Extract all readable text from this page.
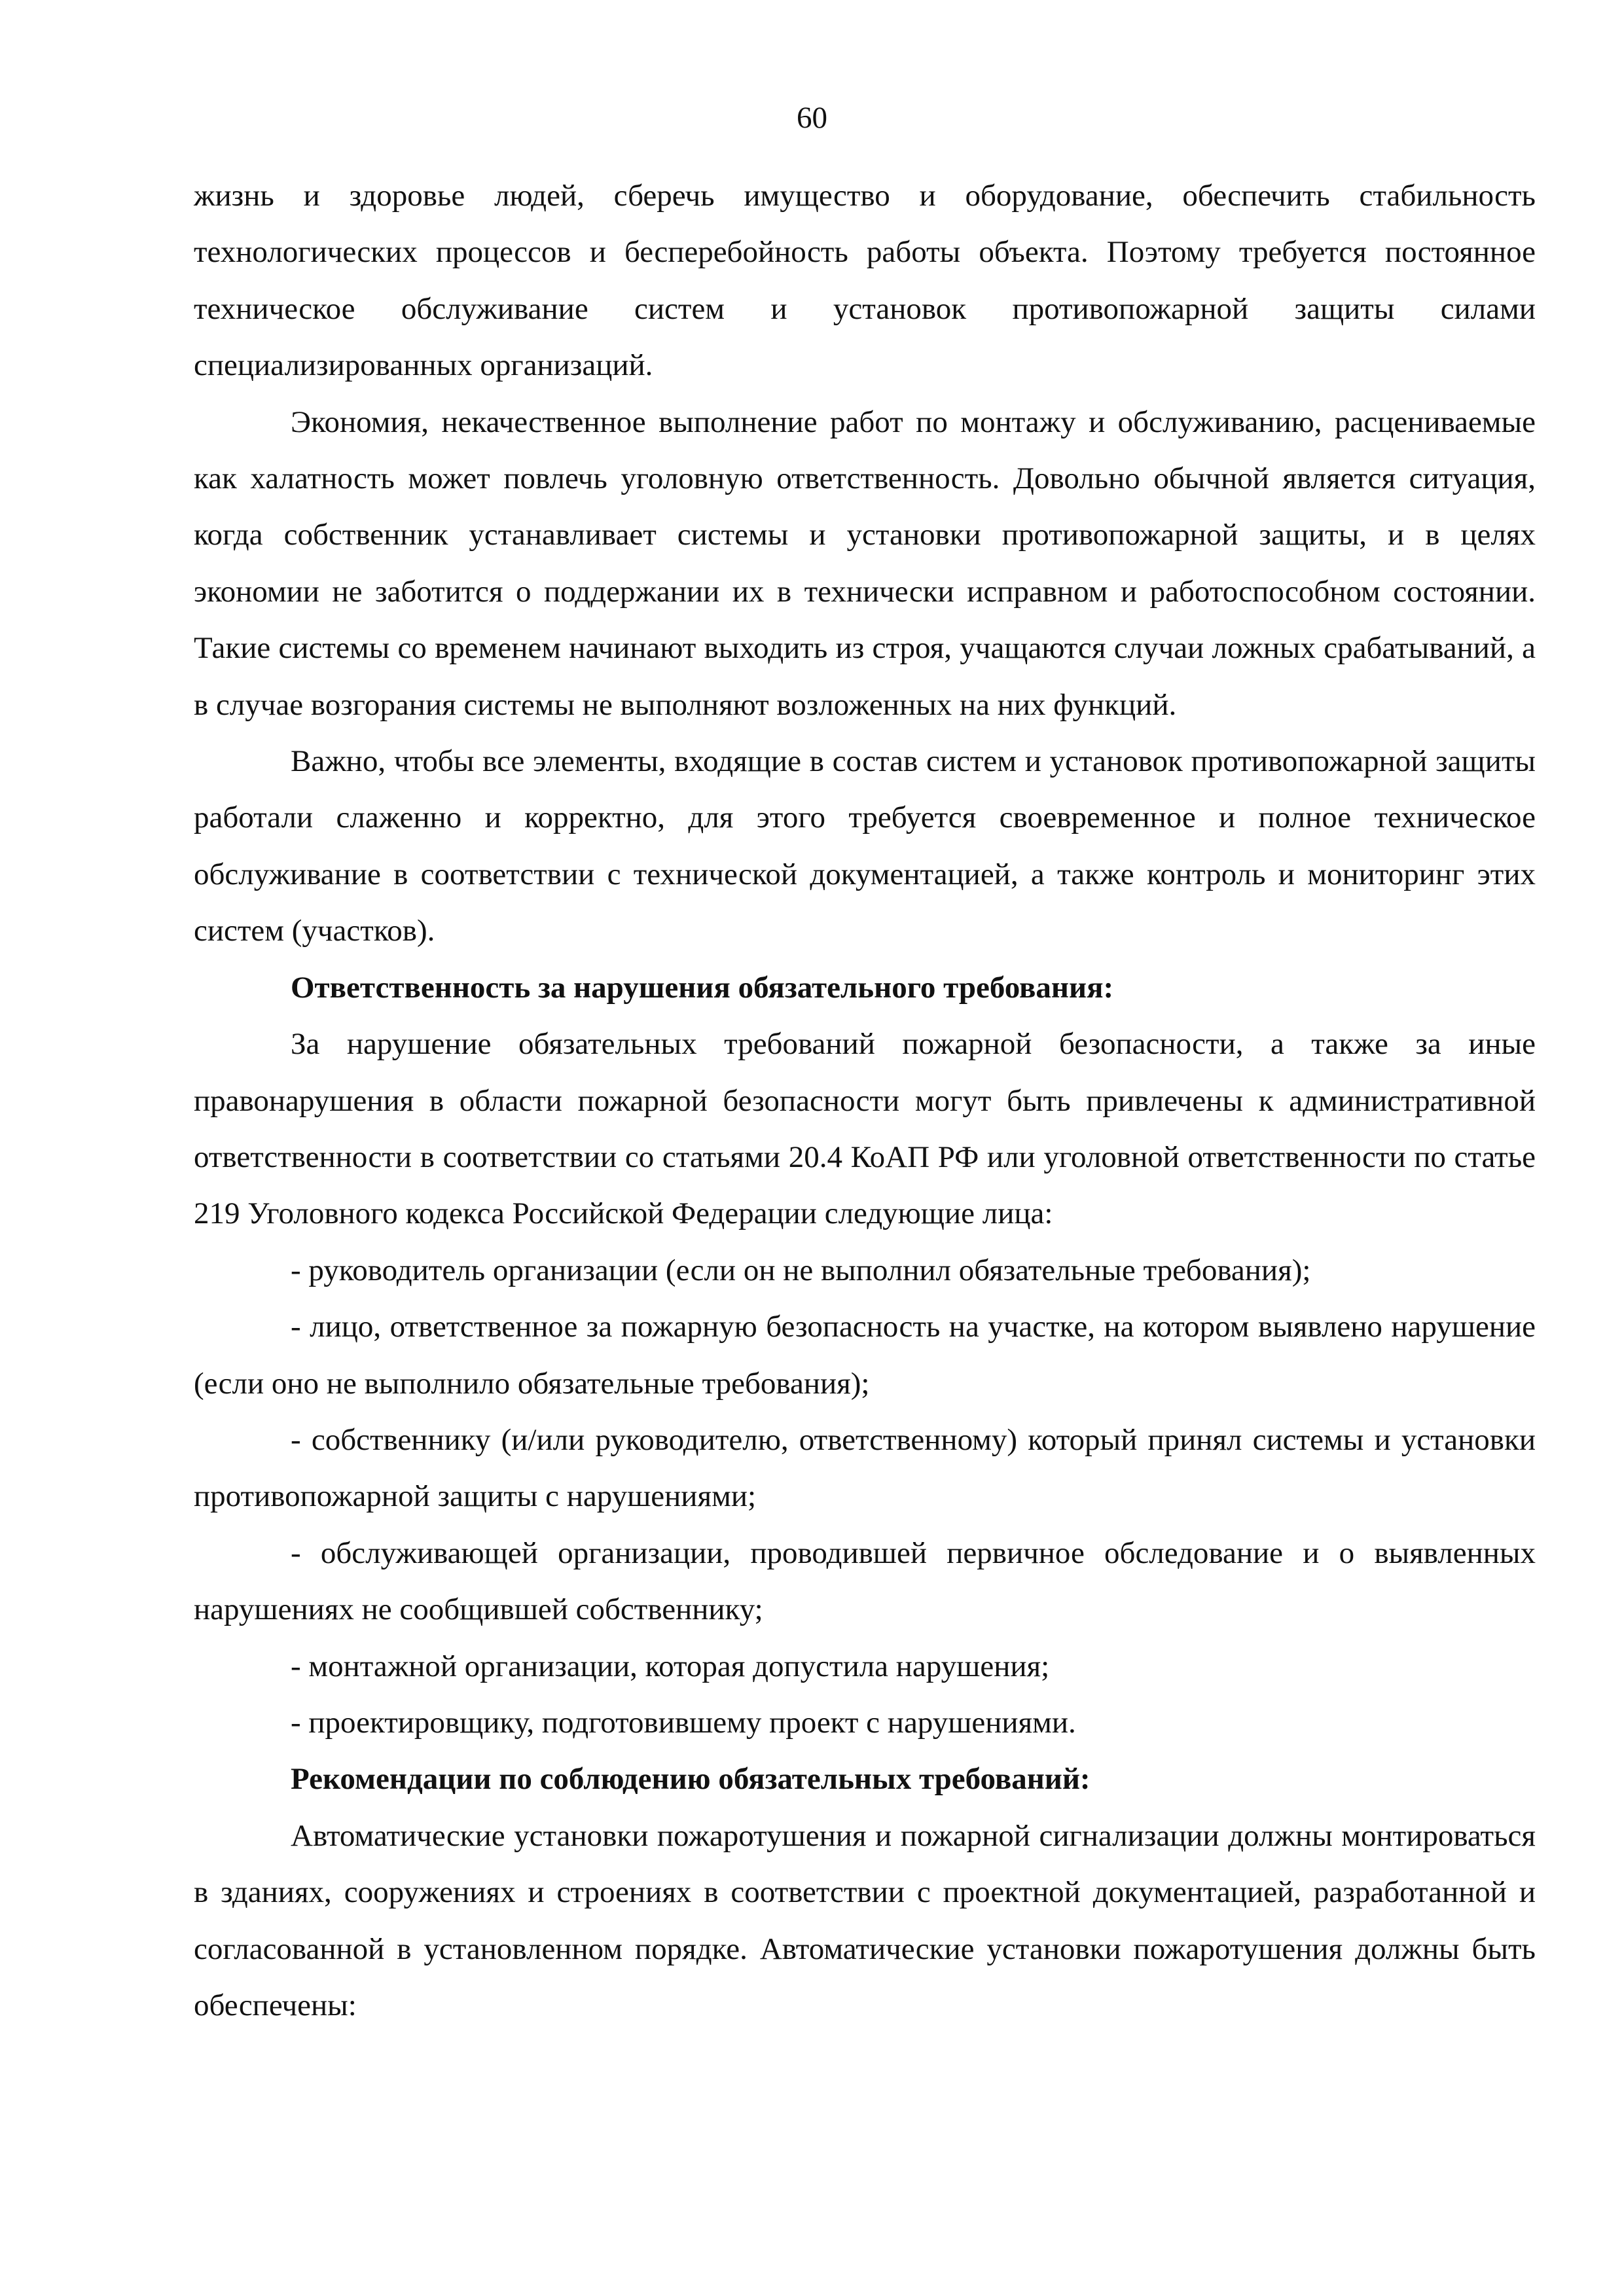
60

жизнь и здоровье людей, сберечь имущество и оборудование, обеспечить стабильность технологических процессов и бесперебойность работы объекта. Поэтому требуется постоянное техническое обслуживание систем и установок противопожарной защиты силами специализированных организаций.

Экономия, некачественное выполнение работ по монтажу и обслуживанию, расцениваемые как халатность может повлечь уголовную ответственность. Довольно обычной является ситуация, когда собственник устанавливает системы и установки противопожарной защиты, и в целях экономии не заботится о поддержании их в технически исправном и работоспособном состоянии. Такие системы со временем начинают выходить из строя, учащаются случаи ложных срабатываний, а в случае возгорания системы не выполняют возложенных на них функций.

Важно, чтобы все элементы, входящие в состав систем и установок противопожарной защиты работали слаженно и корректно, для этого требуется своевременное и полное техническое обслуживание в соответствии с технической документацией, а также контроль и мониторинг этих систем (участков).

Ответственность за нарушения обязательного требования:

За нарушение обязательных требований пожарной безопасности, а также за иные правонарушения в области пожарной безопасности могут быть привлечены к административной ответственности в соответствии со статьями 20.4 КоАП РФ или уголовной ответственности по статье 219 Уголовного кодекса Российской Федерации следующие лица:

- руководитель организации (если он не выполнил обязательные требования);

- лицо, ответственное за пожарную безопасность на участке, на котором выявлено нарушение (если оно не выполнило обязательные требования);

- собственнику (и/или руководителю, ответственному) который принял системы и установки противопожарной защиты с нарушениями;

- обслуживающей организации, проводившей первичное обследование и о выявленных нарушениях не сообщившей собственнику;

- монтажной организации, которая допустила нарушения;

- проектировщику, подготовившему проект с нарушениями.

Рекомендации по соблюдению обязательных требований:

Автоматические установки пожаротушения и пожарной сигнализации должны монтироваться в зданиях, сооружениях и строениях в соответствии с проектной документацией, разработанной и согласованной в установленном порядке. Автоматические установки пожаротушения должны быть обеспечены:
